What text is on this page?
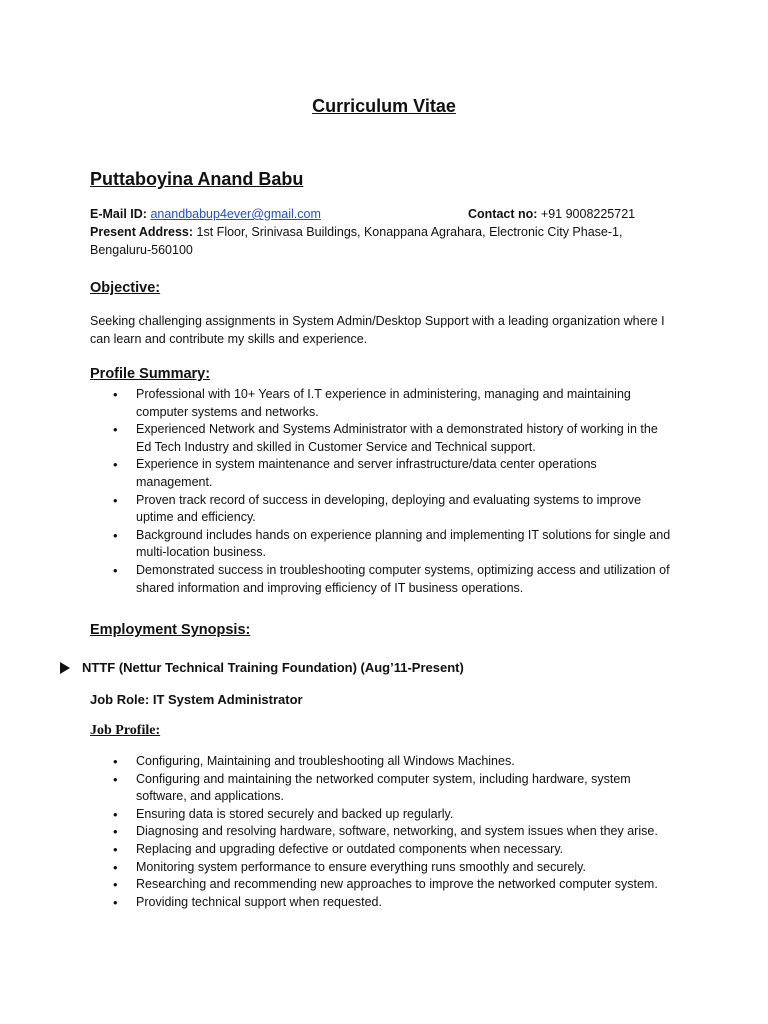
Curriculum Vitae
Puttaboyina Anand Babu
E-Mail ID: anandbabup4ever@gmail.com	Contact no: +91 9008225721
Present Address: 1st Floor, Srinivasa Buildings, Konappana Agrahara, Electronic City Phase-1,
Bengaluru-560100
Objective:
Seeking challenging assignments in System Admin/Desktop Support with a leading organization where I
can learn and contribute my skills and experience.
Profile Summary:
• Professional with 10+ Years of I.T experience in administering, managing and maintaining
computer systems and networks.
• Experienced Network and Systems Administrator with a demonstrated history of working in the
Ed Tech Industry and skilled in Customer Service and Technical support.
• Experience in system maintenance and server infrastructure/data center operations
management.
• Proven track record of success in developing, deploying and evaluating systems to improve
uptime and efficiency.
• Background includes hands on experience planning and implementing IT solutions for single and
multi-location business.
• Demonstrated success in troubleshooting computer systems, optimizing access and utilization of
shared information and improving efficiency of IT business operations.
Employment Synopsis:
NTTF (Nettur Technical Training Foundation) (Aug’11-Present)
Job Role: IT System Administrator
Job Profile:
• Configuring, Maintaining and troubleshooting all Windows Machines.
• Configuring and maintaining the networked computer system, including hardware, system
software, and applications.
• Ensuring data is stored securely and backed up regularly.
• Diagnosing and resolving hardware, software, networking, and system issues when they arise.
• Replacing and upgrading defective or outdated components when necessary.
• Monitoring system performance to ensure everything runs smoothly and securely.
• Researching and recommending new approaches to improve the networked computer system.
• Providing technical support when requested.
